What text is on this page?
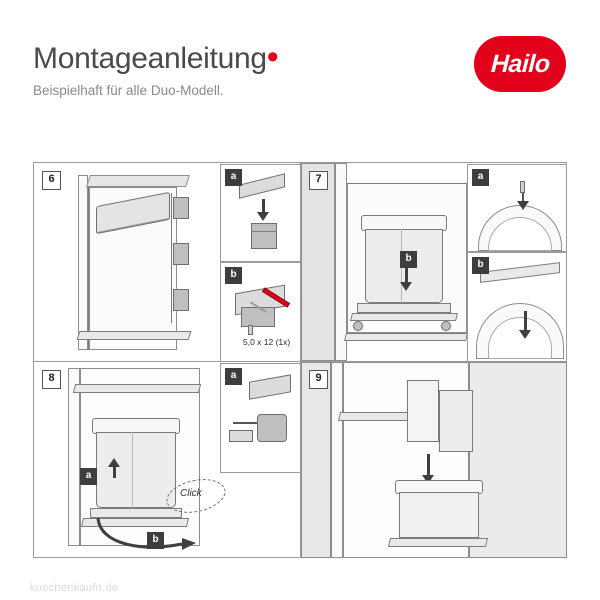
Montageanleitung•
Beispielhaft für alle Duo-Modell.
Hailo
6	a
b
5,0 x 12 (1x)
7
b
a
b
8
a
Click
b
a	9
kuechenkaufn.de
